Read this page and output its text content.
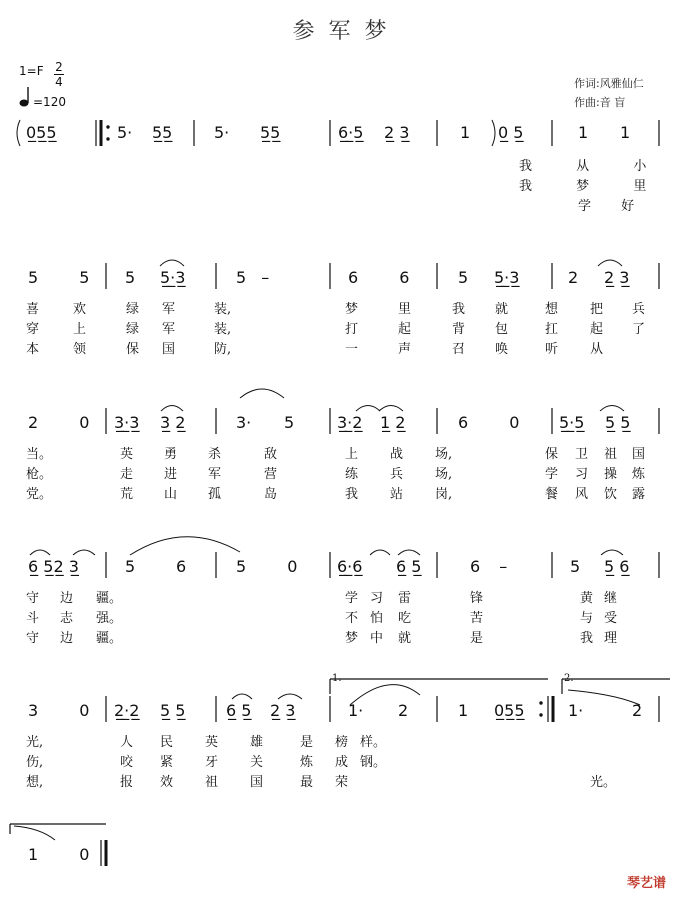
参军梦
1=F 2
4
=120
作词:风雅仙仁
作曲:音 盲
0̲5̲5̲	5· 5̲5̲	5· 5̲5̲	6̲·̲5̲ 2̲ 3̲	1 0̲ 5̲	1 1
我	从	小
我	梦	里
学 好
5	5 5 5̲·̲3̲	5 –	6	6	5 5̲·̲3̲	2 2̲ 3̲
2	0 3̲·̲3̲ 3̲ 2̲	3· 5	3̲·̲2̲ 1̲ 2̲	6	0 5̲·̲5̲ 5̲ 5̲
6̲ 5̲2̲ 3̲	5	6	5	0 6̲·̲6̲ 6̲ 5̲	6 –	5 5̲ 6̲
3	0 2̲·̲2̲ 5̲ 5̲	6̲ 5̲ 2̲ 3̲	1· 2	1 0̲5̲5̲	1·	2
1.	2.
1	0
喜	欢	绿 军	装,	梦	里	我 就	想 把 兵
穿	上	绿 军	装,	打	起	背 包	扛 起 了
本	领	保 国	防,	一	声	召 唤	听 从
当。	英 勇 杀	敌	上 战 场,	保 卫 祖 国
枪。	走 进 军	营	练 兵 场,	学 习 操 炼
党。	荒 山 孤	岛	我 站 岗,	餐 风 饮 露
守 边 疆。	学 习 雷	锋	黄 继
斗 志 强。	不 怕 吃	苦	与 受
守 边 疆。	梦 中 就	是	我 理
光,	人 民 英 雄	是 榜 样。
伤,	咬 紧 牙 关	炼 成 钢。
想,	报 效 祖 国	最 荣	光。
琴艺谱
